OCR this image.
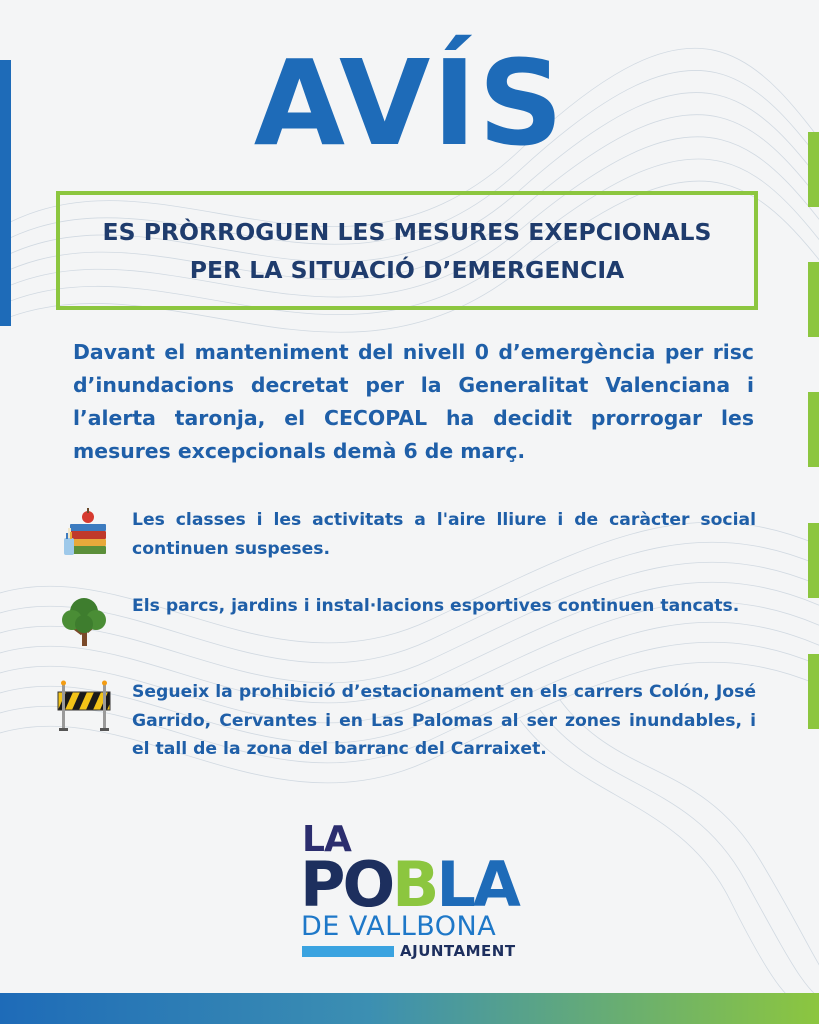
AVÍS

ES PRÒRROGUEN LES MESURES EXEPCIONALS
PER LA SITUACIÓ D’EMERGENCIA

Davant el manteniment del nivell 0 d’emergència per risc d’inundacions decretat per la Generalitat Valenciana i l’alerta taronja, el CECOPAL ha decidit prorrogar les mesures excepcionals demà 6 de març.

Les classes i les activitats a l'aire lliure i de caràcter social continuen suspeses.

Els parcs, jardins i instal·lacions esportives continuen tancats.

Segueix la prohibició d’estacionament en els carrers Colón, José Garrido, Cervantes i en Las Palomas al ser zones inundables, i el tall de la zona del barranc del Carraixet.

LA
POBLA
DE VALLBONA
AJUNTAMENT
